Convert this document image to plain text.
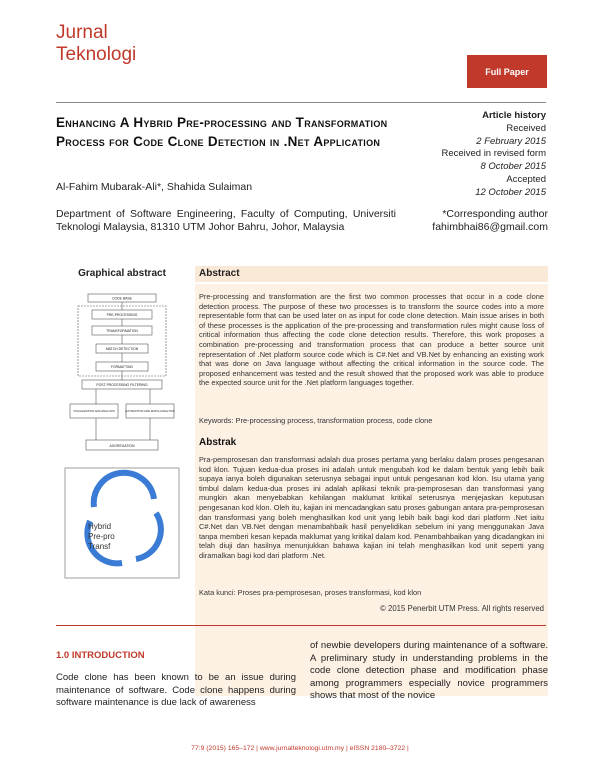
Jurnal
Teknologi
Full Paper
Enhancing A Hybrid Pre-processing and Transformation Process for Code Clone Detection in .Net Application
Al-Fahim Mubarak-Ali*, Shahida Sulaiman
Article history
Received
2 February 2015
Received in revised form
8 October 2015
Accepted
12 October 2015
Department of Software Engineering, Faculty of Computing, Universiti Teknologi Malaysia, 81310 UTM Johor Bahru, Johor, Malaysia
*Corresponding author
fahimbhai86@gmail.com
Graphical abstract
CODE BASE
PRE-PROCESSING
TRANSFORMATION
MATCH DETECTION
FORMATTING
POST-PROCESSING FILTERING
VISUALIZATION AND ANALYSIS	EXTRACTION AND MATCH ANALYSIS
AGGREGATION
Hybrid
Pre-pro
Transf
Abstract
Pre-processing and transformation are the first two common processes that occur in a code clone detection process. The purpose of these two processes is to transform the source codes into a more representable form that can be used later on as input for code clone detection. Main issue arises in both of these processes is the application of the pre-processing and transformation rules might cause loss of critical information thus affecting the code clone detection results. Therefore, this work proposes a combination pre-processing and transformation process that can produce a better source unit representation of .Net platform source code which is C#.Net and VB.Net by enhancing an existing work that was done on Java language without affecting the critical information in the source code. The proposed enhancement was tested and the result showed that the proposed work was able to produce the expected source unit for the .Net platform languages together.
Keywords: Pre-processing process, transformation process, code clone
Abstrak
Pra-pemprosesan dan transformasi adalah dua proses pertama yang berlaku dalam proses pengesanan kod klon. Tujuan kedua-dua proses ini adalah untuk mengubah kod ke dalam bentuk yang lebih baik supaya ianya boleh digunakan seterusnya sebagai input untuk pengesanan kod klon. Isu utama yang timbul dalam kedua-dua proses ini adalah aplikasi teknik pra-pemprosesan dan transformasi yang mungkin akan menyebabkan kehilangan maklumat kritikal seterusnya menjejaskan keputusan pengesanan kod klon. Oleh itu, kajian ini mencadangkan satu proses gabungan antara pra-pemprosesan dan transformasi yang boleh menghasilkan kod unit yang lebih baik bagi kod dari platform .Net iaitu C#.Net dan VB.Net dengan menambahbaik hasil penyelidikan sebelum ini yang menggunakan Java tanpa memberi kesan kepada maklumat yang kritikal dalam kod. Penambahbaikan yang dicadangkan ini telah diuji dan hasilnya menunjukkan bahawa kajian ini telah menghasilkan kod unit seperti yang diramalkan bagi kod dari platform .Net.
Kata kunci: Proses pra-pemprosesan, proses transformasi, kod klon
© 2015 Penerbit UTM Press. All rights reserved
1.0 INTRODUCTION
Code clone has been known to be an issue during maintenance of software. Code clone happens during software maintenance is due lack of awareness
of newbie developers during maintenance of a software. A preliminary study in understanding problems in the code clone detection phase and modification phase among programmers especially novice programmers shows that most of the novice
77:9 (2015) 165–172 | www.jurnalteknologi.utm.my | eISSN 2180–3722 |
